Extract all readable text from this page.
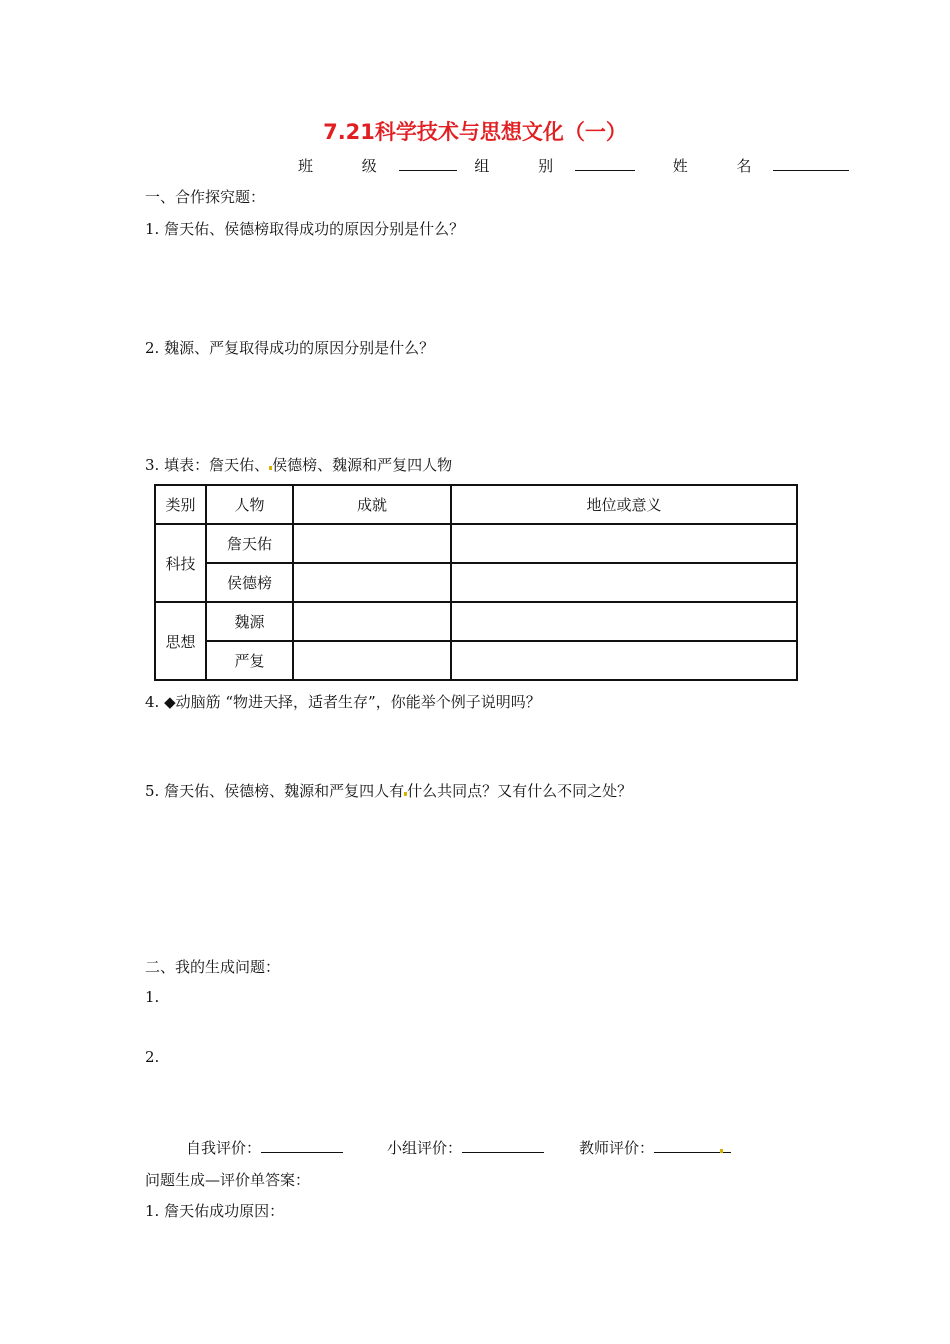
7.21科学技术与思想文化（一）
班 级	组 别	姓 名
一、合作探究题：
1. 詹天佑、侯德榜取得成功的原因分别是什么？
2. 魏源、严复取得成功的原因分别是什么？
3. 填表：詹天佑、 侯德榜、魏源和严复四人物
类别	人物	成就	地位或意义
科技	詹天佑		
	侯德榜		
思想	魏源		
	严复		
4. ◆动脑筋 “物进天择，适者生存”，你能举个例子说明吗？
5. 詹天佑、侯德榜、魏源和严复四人有 什么共同点？又有什么不同之处？
二、我的生成问题：
1.
2.
自我评价：	小组评价：	教师评价：
问题生成—评价单答案：
1. 詹天佑成功原因：
